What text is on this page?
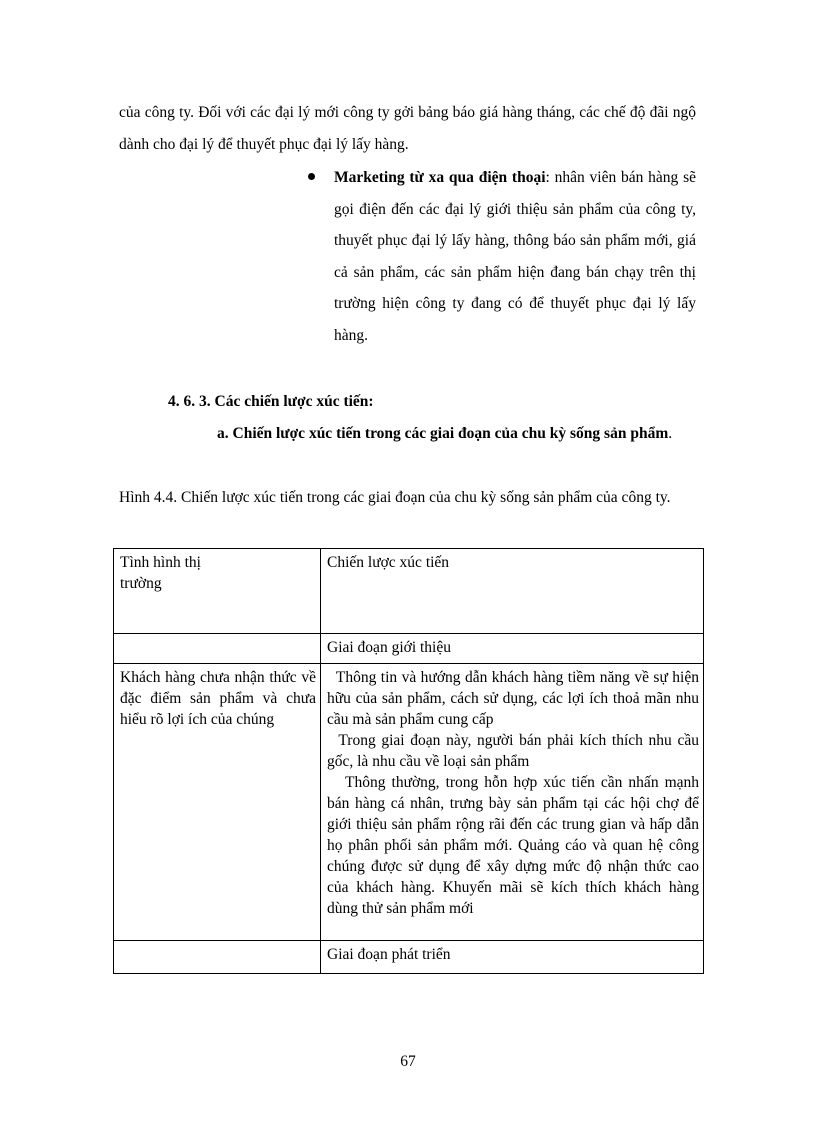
của công ty. Đối với các đại lý mới công ty gởi bảng báo giá hàng tháng, các chế độ đãi ngộ dành cho đại lý để thuyết phục đại lý lấy hàng.

Marketing từ xa qua điện thoại: nhân viên bán hàng sẽ gọi điện đến các đại lý giới thiệu sản phẩm của công ty, thuyết phục đại lý lấy hàng, thông báo sản phẩm mới, giá cả sản phẩm, các sản phẩm hiện đang bán chạy trên thị trường hiện công ty đang có để thuyết phục đại lý lấy hàng.

4. 6. 3. Các chiến lược xúc tiến:
a. Chiến lược xúc tiến trong các giai đoạn của chu kỳ sống sản phẩm.
Hình 4.4. Chiến lược xúc tiến trong các giai đoạn của chu kỳ sống sản phẩm của công ty.
Tình hình thị trường	Chiến lược xúc tiến
	Giai đoạn giới thiệu
Khách hàng chưa nhận thức về đặc điểm sản phẩm và chưa hiểu rõ lợi ích của chúng	Thông tin và hướng dẫn khách hàng tiềm năng về sự hiện hữu của sản phẩm, cách sử dụng, các lợi ích thoả mãn nhu cầu mà sản phẩm cung cấp
Trong giai đoạn này, người bán phải kích thích nhu cầu gốc, là nhu cầu về loại sản phẩm
Thông thường, trong hỗn hợp xúc tiến cần nhấn mạnh bán hàng cá nhân, trưng bày sản phẩm tại các hội chợ để giới thiệu sản phẩm rộng rãi đến các trung gian và hấp dẫn họ phân phối sản phẩm mới. Quảng cáo và quan hệ công chúng được sử dụng để xây dựng mức độ nhận thức cao của khách hàng. Khuyến mãi sẽ kích thích khách hàng dùng thử sản phẩm mới

	Giai đoạn phát triển
67
